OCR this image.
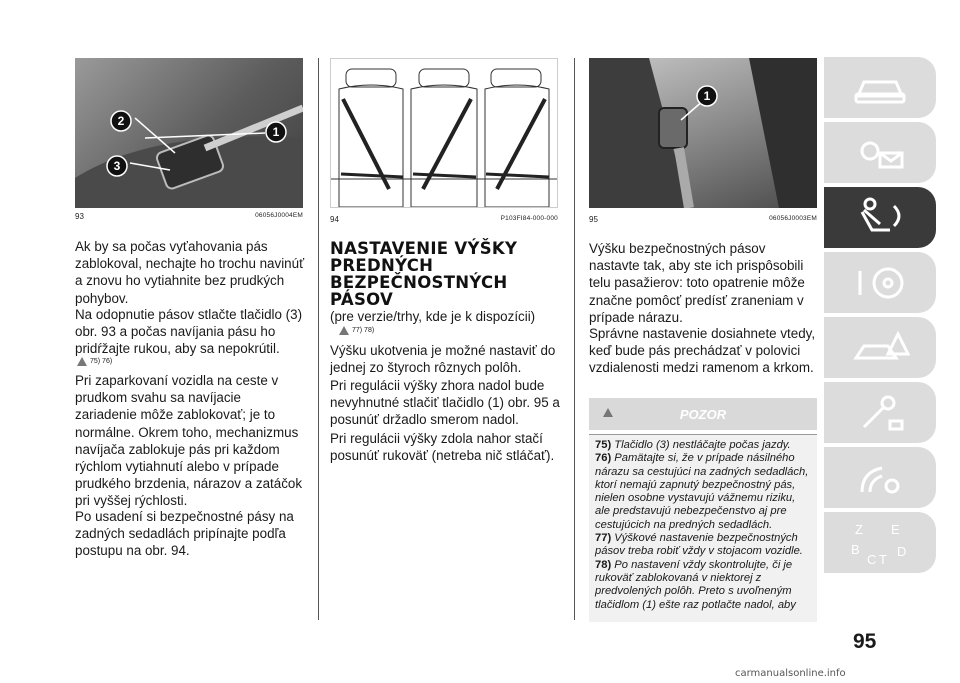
1
2
3
93	06056J0004EM

Ak by sa počas vyťahovania pás zablokoval, nechajte ho trochu navinúť a znovu ho vytiahnite bez prudkých pohybov.

Na odopnutie pásov stlačte tlačidlo (3) obr. 93 a počas navíjania pásu ho pridŕžajte rukou, aby sa nepokrútil.

75) 76)

Pri zaparkovaní vozidla na ceste v prudkom svahu sa navíjacie zariadenie môže zablokovať; je to normálne. Okrem toho, mechanizmus navíjača zablokuje pás pri každom rýchlom vytiahnutí alebo v prípade prudkého brzdenia, nárazov a zatáčok pri vyššej rýchlosti.

Po usadení si bezpečnostné pásy na zadných sedadlách pripínajte podľa postupu na obr. 94.

94	P103FI84-000-000
NASTAVENIE VÝŠKY PREDNÝCH BEZPEČNOSTNÝCH PÁSOV

(pre verzie/trhy, kde je k dispozícii)

77) 78)

Výšku ukotvenia je možné nastaviť do jednej zo štyroch rôznych polôh.

Pri regulácii výšky zhora nadol bude nevyhnutné stlačiť tlačidlo (1) obr. 95 a posunúť držadlo smerom nadol.

Pri regulácii výšky zdola nahor stačí posunúť rukoväť (netreba nič stláčať).

1
95	06056J0003EM

Výšku bezpečnostných pásov nastavte tak, aby ste ich prispôsobili telu pasažierov: toto opatrenie môže značne pomôcť predísť zraneniam v prípade nárazu.

Správne nastavenie dosiahnete vtedy, keď bude pás prechádzať v polovici vzdialenosti medzi ramenom a krkom.

POZOR

75) Tlačidlo (3) nestláčajte počas jazdy.

76) Pamätajte si, že v prípade násilného nárazu sa cestujúci na zadných sedadlách, ktorí nemajú zapnutý bezpečnostný pás, nielen osobne vystavujú vážnemu riziku, ale predstavujú nebezpečenstvo aj pre cestujúcich na predných sedadlách.

77) Výškové nastavenie bezpečnostných pásov treba robiť vždy v stojacom vozidle.

78) Po nastavení vždy skontrolujte, či je rukoväť zablokovaná v niektorej z predvolených polôh. Preto s uvoľneným tlačidlom (1) ešte raz potlačte nadol, aby

Z E
B
C
D
T
95
carmanualsonline.info
